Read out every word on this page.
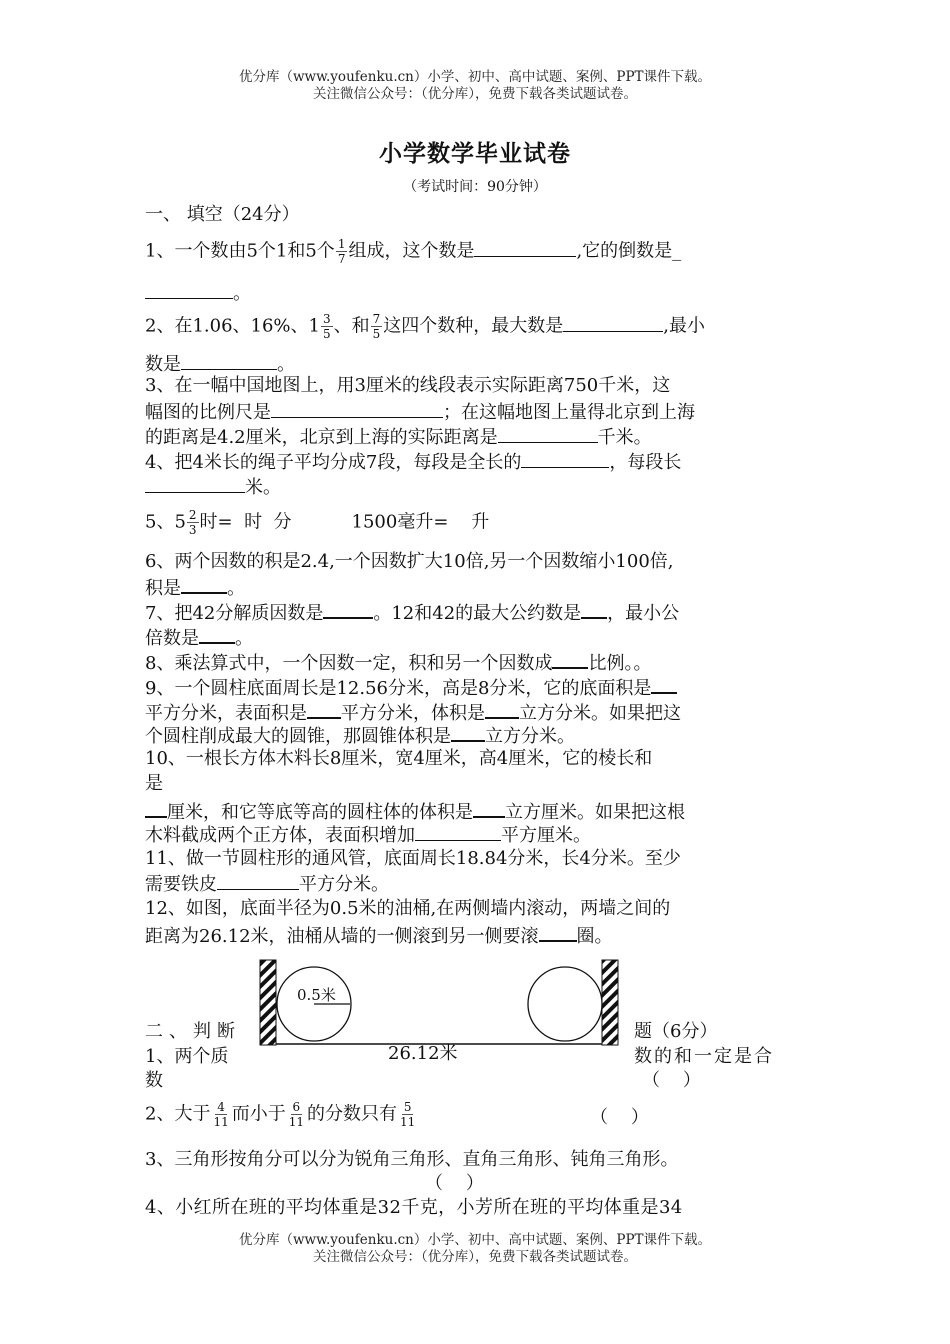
优分库（www.youfenku.cn）小学、初中、高中试题、案例、PPT课件下载。
关注微信公众号：（优分库），免费下载各类试题试卷。
小学数学毕业试卷
（考试时间：90分钟）
一、 填空（24分）
1、一个数由5个1和5个 $\frac{1}{7}$ 组成，这个数是	,它的倒数是_
。
2、在1.06、16%、$1 \frac{3}{5}$ 、和 $\frac{7}{5}$ 这四个数种，最大数是	,最小
数是	。
3、在一幅中国地图上，用3厘米的线段表示实际距离750千米，这
幅图的比例尺是	；在这幅地图上量得北京到上海
的距离是4.2厘米，北京到上海的实际距离是	千米。
4、把4米长的绳子平均分成7段，每段是全长的	，每段长
米。
5、$5 \frac{2}{3}$ 时=  时  分	1500毫升=    升
6、两个因数的积是2.4,一个因数扩大10倍,另一个因数缩小100倍,
积是	。
7、把42分解质因数是	。12和42的最大公约数是 ，最小公
倍数是 。
8、乘法算式中，一个因数一定，积和另一个因数成 比例。。
9、一个圆柱底面周长是12.56分米，高是8分米，它的底面积是
平方分米，表面积是 平方分米，体积是 立方分米。如果把这
个圆柱削成最大的圆锥，那圆锥体积是 立方分米。
10、一根长方体木料长8厘米，宽4厘米，高4厘米，它的棱长和
是
厘米，和它等底等高的圆柱体的体积是 立方厘米。如果把这根
木料截成两个正方体，表面积增加	平方厘米。
11、做一节圆柱形的通风管，底面周长18.84分米，长4分米。至少
需要铁皮	平方分米。
12、如图，底面半径为0.5米的油桶,在两侧墙内滚动，两墙之间的
距离为26.12米，油桶从墙的一侧滚到另一侧要滚 圈。
0.5米
26.12米
二、判断	题（6分）
1、两个质	数的和一定是合
数	（    ）
2、大于 $\frac{4}{11}$ 而小于 $\frac{6}{11}$ 的分数只有 $\frac{5}{11}$	（    ）
3、三角形按角分可以分为锐角三角形、直角三角形、钝角三角形。
（    ）
4、小红所在班的平均体重是32千克，小芳所在班的平均体重是34
优分库（www.youfenku.cn）小学、初中、高中试题、案例、PPT课件下载。
关注微信公众号：（优分库），免费下载各类试题试卷。
